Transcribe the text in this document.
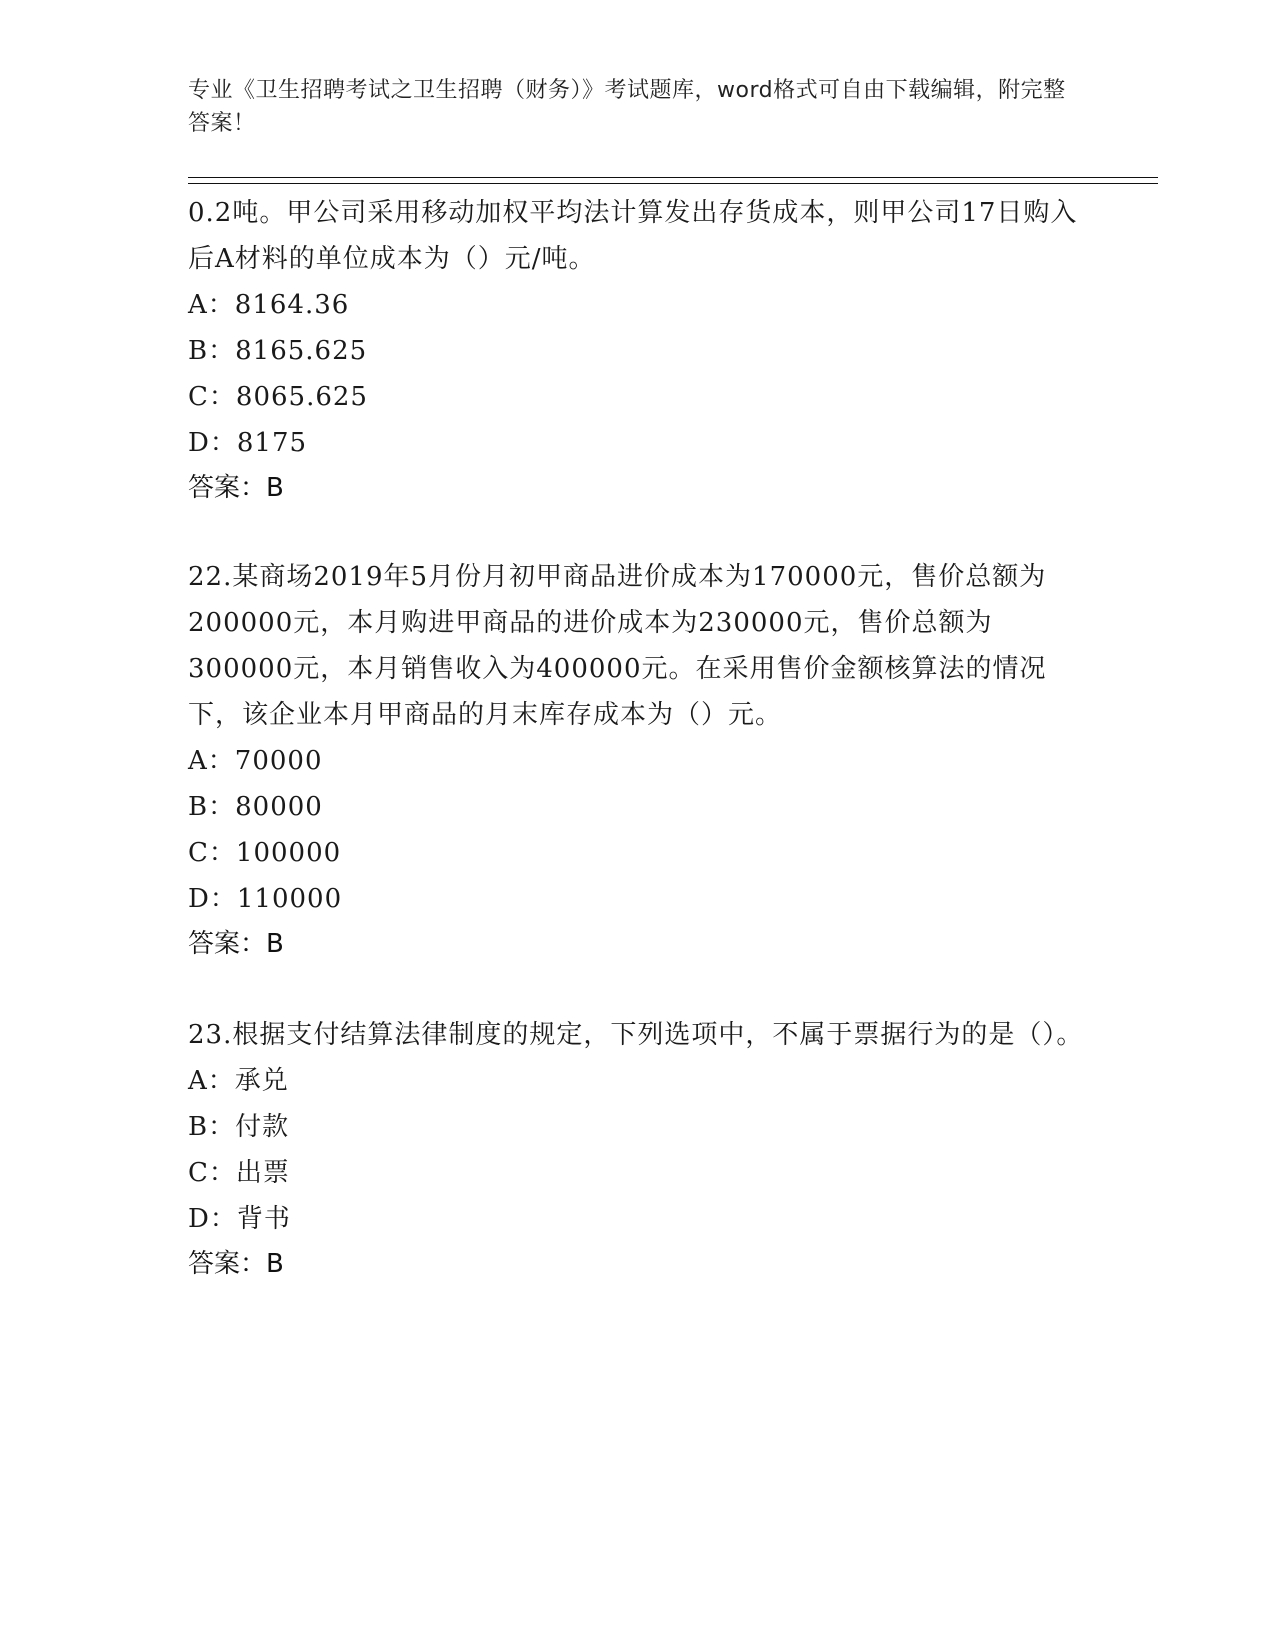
专业《卫生招聘考试之卫生招聘（财务）》考试题库，word格式可自由下载编辑，附完整答案！

0.2吨。甲公司采用移动加权平均法计算发出存货成本，则甲公司17日购入后A材料的单位成本为（）元/吨。

A：8164.36
B：8165.625
C：8065.625
D：8175
答案：B

22.某商场2019年5月份月初甲商品进价成本为170000元，售价总额为200000元，本月购进甲商品的进价成本为230000元，售价总额为300000元，本月销售收入为400000元。在采用售价金额核算法的情况下，该企业本月甲商品的月末库存成本为（）元。

A：70000
B：80000
C：100000
D：110000
答案：B

23.根据支付结算法律制度的规定，下列选项中，不属于票据行为的是（）。

A：承兑
B：付款
C：出票
D：背书
答案：B
